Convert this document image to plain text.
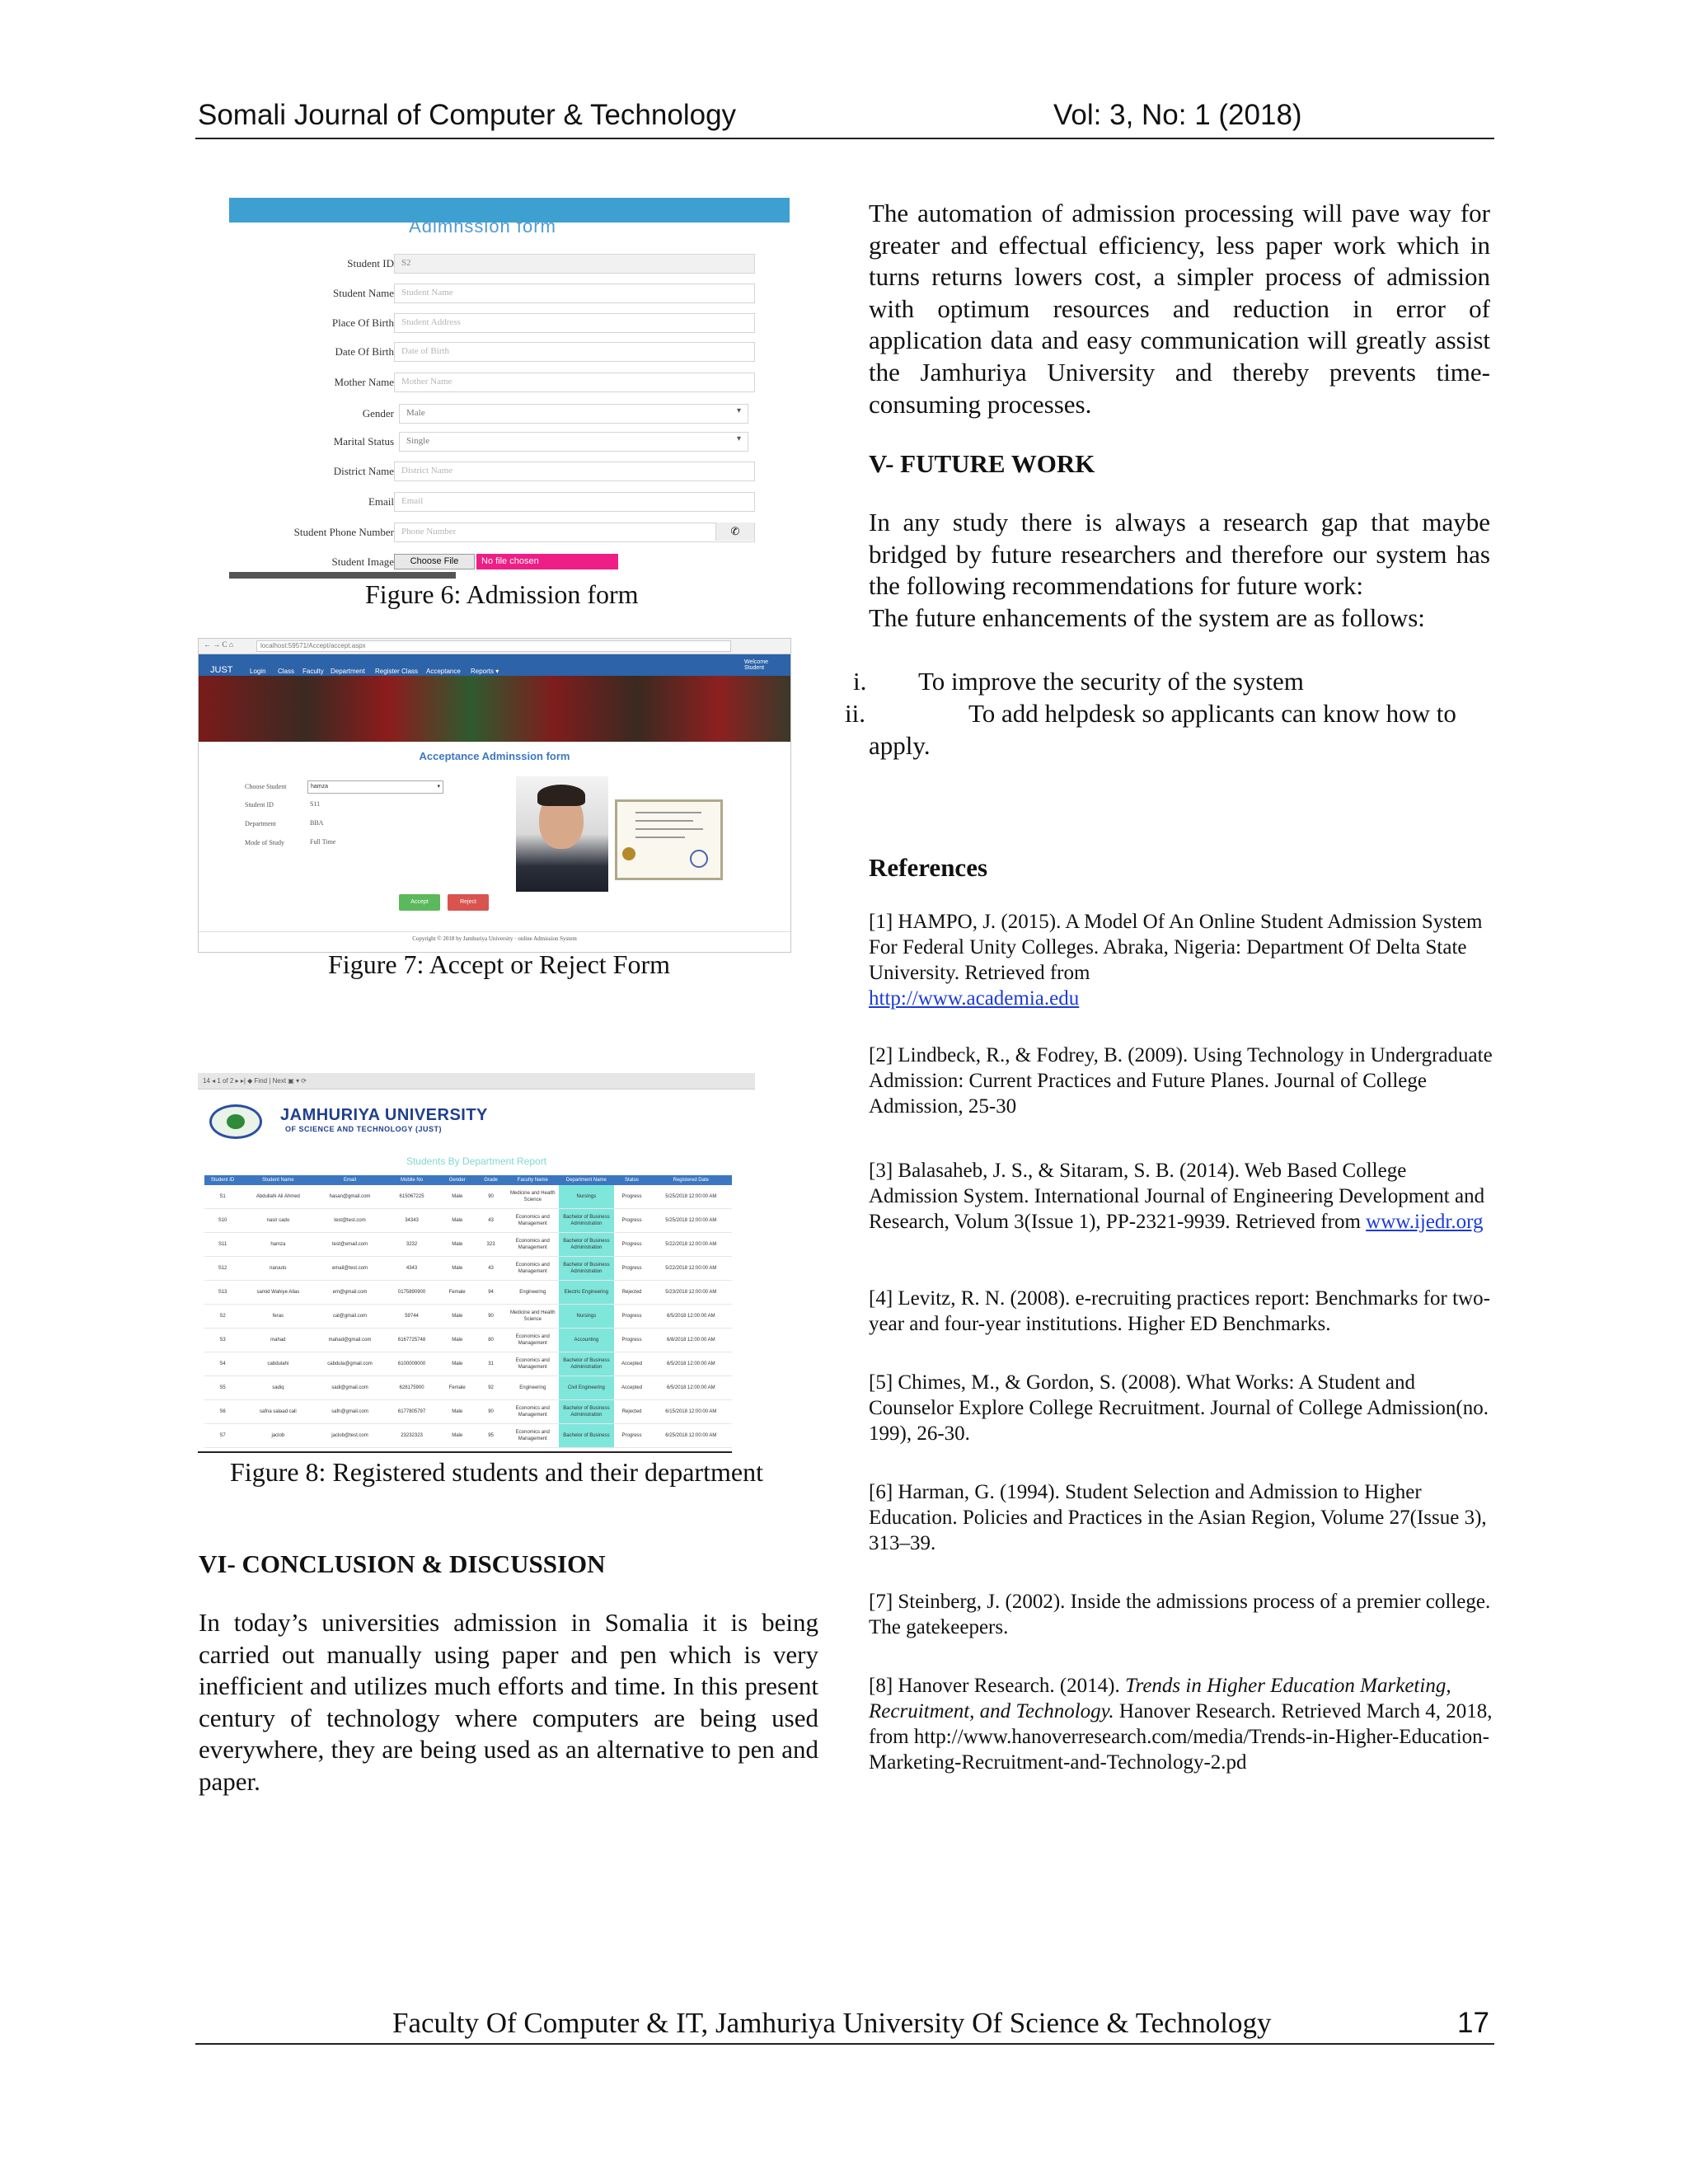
Somali Journal of Computer & Technology	Vol: 3, No: 1 (2018)
Adimnssion form
Student ID S2
Student Name Student Name
Place Of Birth Student Address
Date Of Birth Date of Birth
Mother Name Mother Name
Gender Male	▾
Marital Status Single	▾
District Name District Name
Email Email
Student Phone Number Phone Number	✆
Student Image	Choose File	No file chosen
Figure 6: Admission form
← → C ⌂	localhost:59571/Accept/accept.aspx
JUST	Login Class Faculty Department Register Class Acceptance Reports ▾
Welcome Student
Acceptance Adminssion form
Choose Student	hamza	▾
Student ID	S11
Department	BBA
Mode of Study	Full Time
Accept	Reject
Copyright © 2018 by Jamhuriya University · online Admission System
Figure 7: Accept or Reject Form
14 ◂ 1 of 2 ▸ ▸| ◆ Find | Next ▣ ▾ ⟳
JAMHURIYA UNIVERSITY
OF SCIENCE AND TECHNOLOGY (JUST)
Students By Department Report
Student ID	Student Name	Email	Mobile No	Gender	Grade	Faculty Name	Department Name	Status	Registered Date
S1	Abdullahi Ali Ahmed	hasan@gmail.com	615067225	Male	90	Medicine and Health Science	Nursings	Progress	5/25/2018 12:00:00 AM
S10	nasir cado	test@test.com	34343	Male	43	Economics and Management	Bachelor of Business Administration	Progress	5/25/2018 12:00:00 AM
S11	hamza	test@email.com	3232	Male	323	Economics and Management	Bachelor of Business Administration	Progress	5/22/2018 12:00:00 AM
S12	naruuto	email@test.com	4343	Male	43	Economics and Management	Bachelor of Business Administration	Progress	5/22/2018 12:00:00 AM
S13	samid Wahiye Allas	em@gmail.com	0175890900	Female	94	Engineering	Electric Engineering	Rejected	5/23/2018 12:00:00 AM
S2	feras	cal@gmail.com	59744	Male	90	Medicine and Health Science	Nursings	Progress	6/5/2018 12:00:00 AM
S3	mahad	mahad@gmail.com	6167725748	Male	80	Economics and Management	Accounting	Progress	6/8/2018 12:00:00 AM
S4	cabdulahi	cabdula@gmail.com	6100009000	Male	31	Economics and Management	Bachelor of Business Administration	Accepted	6/5/2018 12:00:00 AM
S5	sadiq	sadi@gmail.com	628175900	Female	92	Engineering	Civil Engineering	Accepted	6/5/2018 12:00:00 AM
S6	safna salaad cali	safn@gmail.com	6177805797	Male	90	Economics and Management	Bachelor of Business Administration	Rejected	6/15/2018 12:00:00 AM
S7	jaclob	jaclob@test.com	23232323	Male	95	Economics and Management	Bachelor of Business	Progress	6/25/2018 12:00:00 AM
Figure 8: Registered students and their department
VI- CONCLUSION & DISCUSSION
In today’s universities admission in Somalia it is being carried out manually using paper and pen which is very inefficient and utilizes much efforts and time. In this present century of technology where computers are being used everywhere, they are being used as an alternative to pen and paper.
The automation of admission processing will pave way for greater and effectual efficiency, less paper work which in turns returns lowers cost, a simpler process of admission with optimum resources and reduction in error of application data and easy communication will greatly assist the Jamhuriya University and thereby prevents time-consuming processes.
V- FUTURE WORK
In any study there is always a research gap that maybe bridged by future researchers and therefore our system has the following recommendations for future work:
The future enhancements of the system are as follows:
i. To improve the security of the system
ii.	To add helpdesk so applicants can know how to
apply.
References
[1] HAMPO, J. (2015). A Model Of An Online Student Admission System For Federal Unity Colleges. Abraka, Nigeria: Department Of Delta State University. Retrieved from
http://www.academia.edu
[2] Lindbeck, R., & Fodrey, B. (2009). Using Technology in Undergraduate Admission: Current Practices and Future Planes. Journal of College Admission, 25-30
[3] Balasaheb, J. S., & Sitaram, S. B. (2014). Web Based College Admission System. International Journal of Engineering Development and Research, Volum 3(Issue 1), PP-2321-9939. Retrieved from www.ijedr.org
[4] Levitz, R. N. (2008). e-recruiting practices report: Benchmarks for two-year and four-year institutions. Higher ED Benchmarks.
[5] Chimes, M., & Gordon, S. (2008). What Works: A Student and Counselor Explore College Recruitment. Journal of College Admission(no. 199), 26-30.
[6] Harman, G. (1994). Student Selection and Admission to Higher Education. Policies and Practices in the Asian Region, Volume 27(Issue 3), 313–39.
[7] Steinberg, J. (2002). Inside the admissions process of a premier college. The gatekeepers.
[8] Hanover Research. (2014). Trends in Higher Education Marketing, Recruitment, and Technology. Hanover Research. Retrieved March 4, 2018, from http://www.hanoverresearch.com/media/Trends-in-Higher-Education-Marketing-Recruitment-and-Technology-2.pd
Faculty Of Computer & IT, Jamhuriya University Of Science & Technology	17
